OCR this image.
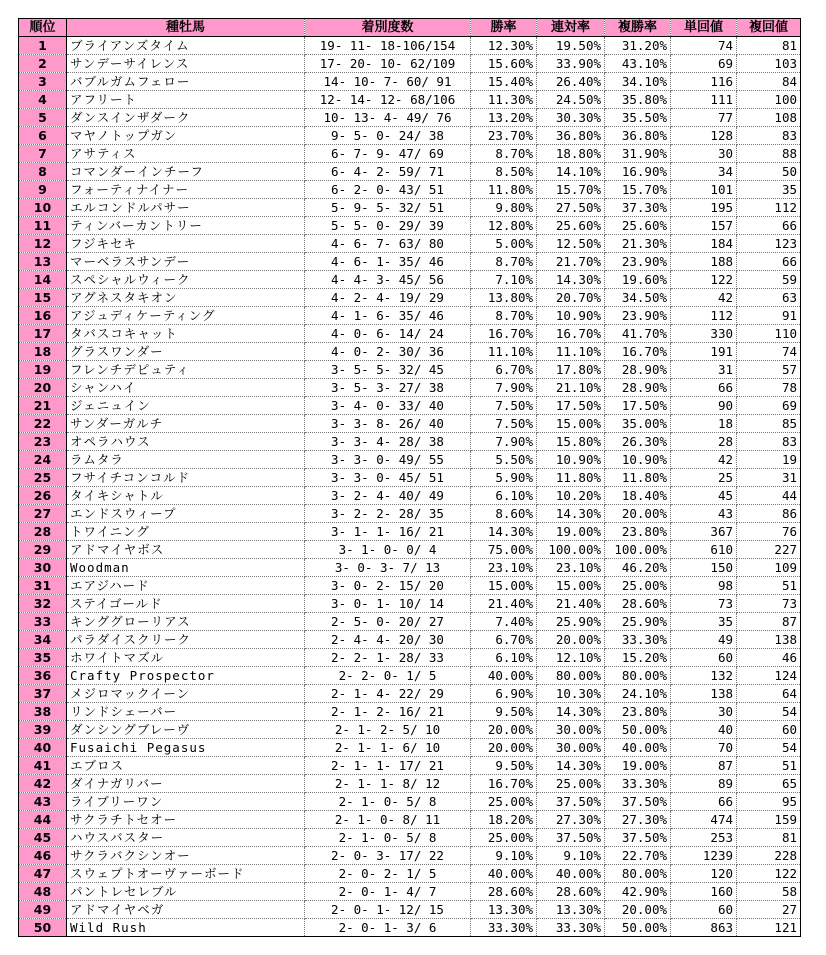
順位	種牡馬	着別度数	勝率	連対率	複勝率	単回値	複回値
1	ブライアンズタイム	19- 11- 18-106/154	12.30%	19.50%	31.20%	74	81
2	サンデーサイレンス	17- 20- 10- 62/109	15.60%	33.90%	43.10%	69	103
3	バブルガムフェロー	14- 10- 7- 60/ 91	15.40%	26.40%	34.10%	116	84
4	アフリート	12- 14- 12- 68/106	11.30%	24.50%	35.80%	111	100
5	ダンスインザダーク	10- 13- 4- 49/ 76	13.20%	30.30%	35.50%	77	108
6	マヤノトップガン	9- 5- 0- 24/ 38	23.70%	36.80%	36.80%	128	83
7	アサティス	6- 7- 9- 47/ 69	8.70%	18.80%	31.90%	30	88
8	コマンダーインチーフ	6- 4- 2- 59/ 71	8.50%	14.10%	16.90%	34	50
9	フォーティナイナー	6- 2- 0- 43/ 51	11.80%	15.70%	15.70%	101	35
10	エルコンドルパサー	5- 9- 5- 32/ 51	9.80%	27.50%	37.30%	195	112
11	ティンバーカントリー	5- 5- 0- 29/ 39	12.80%	25.60%	25.60%	157	66
12	フジキセキ	4- 6- 7- 63/ 80	5.00%	12.50%	21.30%	184	123
13	マーベラスサンデー	4- 6- 1- 35/ 46	8.70%	21.70%	23.90%	188	66
14	スペシャルウィーク	4- 4- 3- 45/ 56	7.10%	14.30%	19.60%	122	59
15	アグネスタキオン	4- 2- 4- 19/ 29	13.80%	20.70%	34.50%	42	63
16	アジュディケーティング	4- 1- 6- 35/ 46	8.70%	10.90%	23.90%	112	91
17	タバスコキャット	4- 0- 6- 14/ 24	16.70%	16.70%	41.70%	330	110
18	グラスワンダー	4- 0- 2- 30/ 36	11.10%	11.10%	16.70%	191	74
19	フレンチデピュティ	3- 5- 5- 32/ 45	6.70%	17.80%	28.90%	31	57
20	シャンハイ	3- 5- 3- 27/ 38	7.90%	21.10%	28.90%	66	78
21	ジェニュイン	3- 4- 0- 33/ 40	7.50%	17.50%	17.50%	90	69
22	サンダーガルチ	3- 3- 8- 26/ 40	7.50%	15.00%	35.00%	18	85
23	オペラハウス	3- 3- 4- 28/ 38	7.90%	15.80%	26.30%	28	83
24	ラムタラ	3- 3- 0- 49/ 55	5.50%	10.90%	10.90%	42	19
25	フサイチコンコルド	3- 3- 0- 45/ 51	5.90%	11.80%	11.80%	25	31
26	タイキシャトル	3- 2- 4- 40/ 49	6.10%	10.20%	18.40%	45	44
27	エンドスウィープ	3- 2- 2- 28/ 35	8.60%	14.30%	20.00%	43	86
28	トワイニング	3- 1- 1- 16/ 21	14.30%	19.00%	23.80%	367	76
29	アドマイヤボス	3- 1- 0- 0/ 4	75.00%	100.00%	100.00%	610	227
30	Woodman	3- 0- 3- 7/ 13	23.10%	23.10%	46.20%	150	109
31	エアジハード	3- 0- 2- 15/ 20	15.00%	15.00%	25.00%	98	51
32	ステイゴールド	3- 0- 1- 10/ 14	21.40%	21.40%	28.60%	73	73
33	キンググローリアス	2- 5- 0- 20/ 27	7.40%	25.90%	25.90%	35	87
34	パラダイスクリーク	2- 4- 4- 20/ 30	6.70%	20.00%	33.30%	49	138
35	ホワイトマズル	2- 2- 1- 28/ 33	6.10%	12.10%	15.20%	60	46
36	Crafty Prospector	2- 2- 0- 1/ 5	40.00%	80.00%	80.00%	132	124
37	メジロマックイーン	2- 1- 4- 22/ 29	6.90%	10.30%	24.10%	138	64
38	リンドシェーバー	2- 1- 2- 16/ 21	9.50%	14.30%	23.80%	30	54
39	ダンシングブレーヴ	2- 1- 2- 5/ 10	20.00%	30.00%	50.00%	40	60
40	Fusaichi Pegasus	2- 1- 1- 6/ 10	20.00%	30.00%	40.00%	70	54
41	エブロス	2- 1- 1- 17/ 21	9.50%	14.30%	19.00%	87	51
42	ダイナガリバー	2- 1- 1- 8/ 12	16.70%	25.00%	33.30%	89	65
43	ライブリーワン	2- 1- 0- 5/ 8	25.00%	37.50%	37.50%	66	95
44	サクラチトセオー	2- 1- 0- 8/ 11	18.20%	27.30%	27.30%	474	159
45	ハウスバスター	2- 1- 0- 5/ 8	25.00%	37.50%	37.50%	253	81
46	サクラバクシンオー	2- 0- 3- 17/ 22	9.10%	9.10%	22.70%	1239	228
47	スウェプトオーヴァーボード	2- 0- 2- 1/ 5	40.00%	40.00%	80.00%	120	122
48	パントレセレブル	2- 0- 1- 4/ 7	28.60%	28.60%	42.90%	160	58
49	アドマイヤベガ	2- 0- 1- 12/ 15	13.30%	13.30%	20.00%	60	27
50	Wild Rush	2- 0- 1- 3/ 6	33.30%	33.30%	50.00%	863	121
